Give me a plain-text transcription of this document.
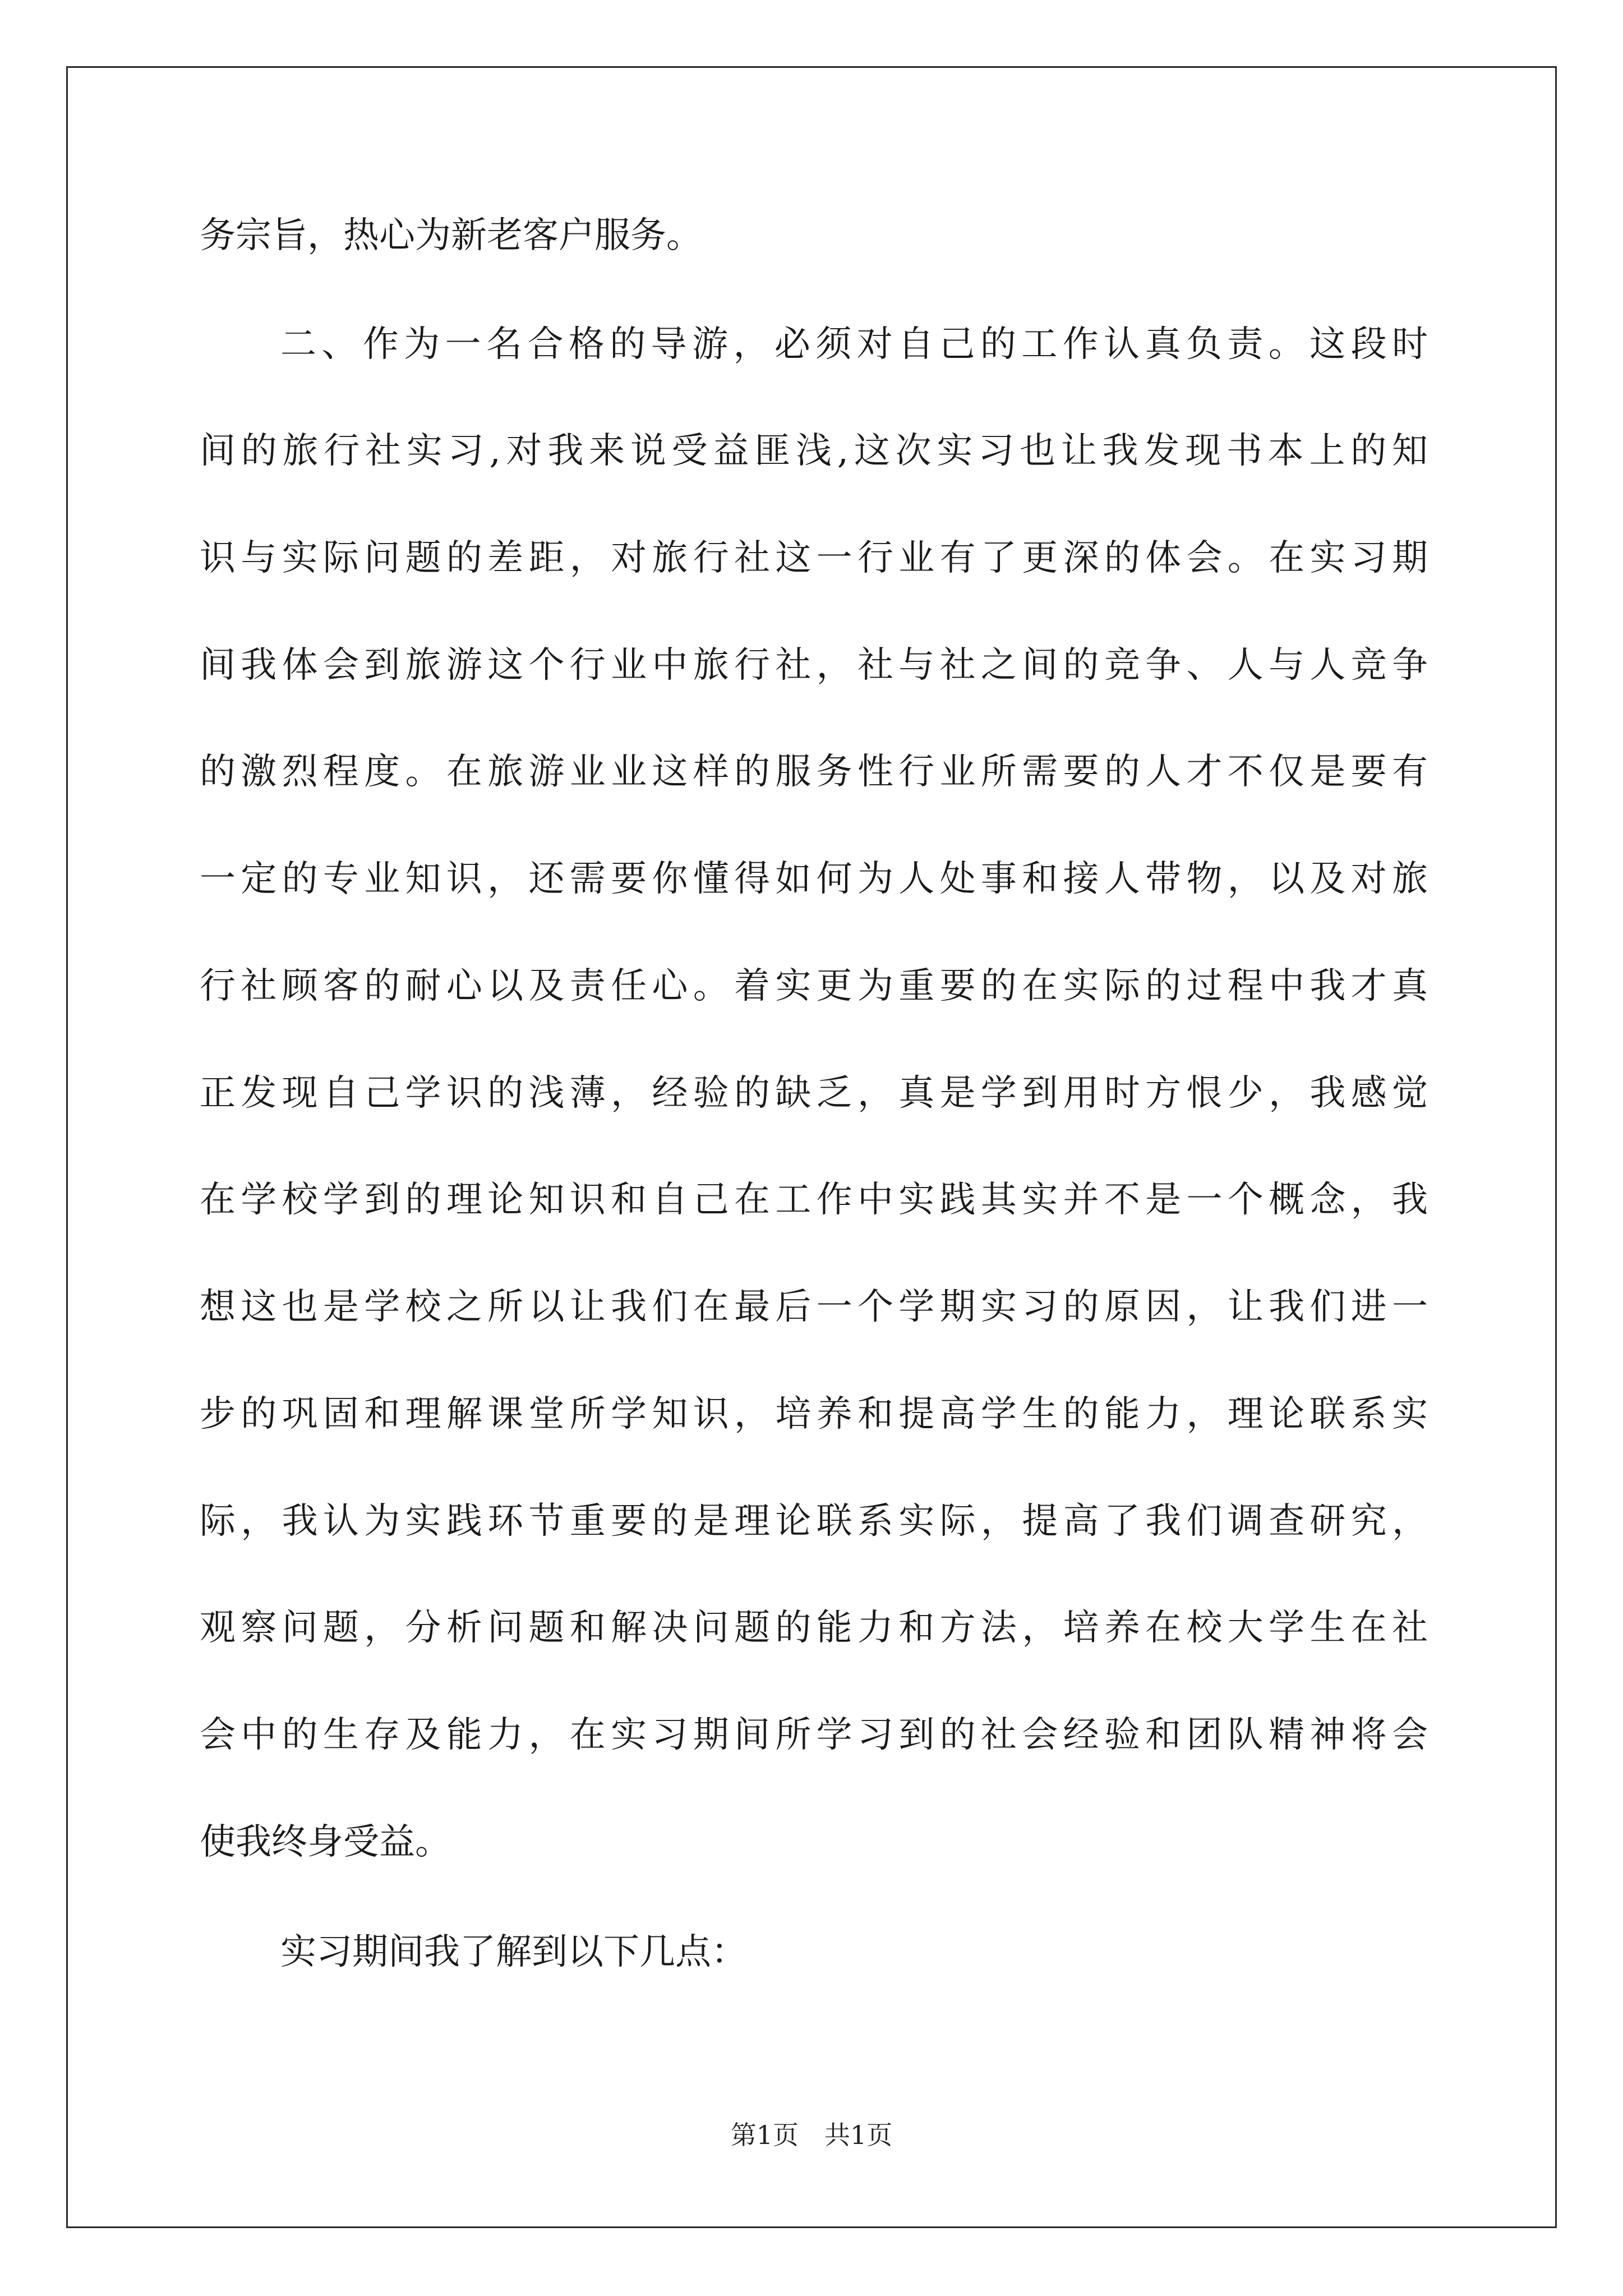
务宗旨，热心为新老客户服务。
二、作为一名合格的导游，必须对自己的工作认真负责。这段时
间的旅行社实习,对我来说受益匪浅,这次实习也让我发现书本上的知
识与实际问题的差距，对旅行社这一行业有了更深的体会。在实习期
间我体会到旅游这个行业中旅行社，社与社之间的竞争、人与人竞争
的激烈程度。在旅游业业这样的服务性行业所需要的人才不仅是要有
一定的专业知识，还需要你懂得如何为人处事和接人带物，以及对旅
行社顾客的耐心以及责任心。着实更为重要的在实际的过程中我才真
正发现自己学识的浅薄，经验的缺乏，真是学到用时方恨少，我感觉
在学校学到的理论知识和自己在工作中实践其实并不是一个概念，我
想这也是学校之所以让我们在最后一个学期实习的原因，让我们进一
步的巩固和理解课堂所学知识，培养和提高学生的能力，理论联系实
际，我认为实践环节重要的是理论联系实际，提高了我们调查研究，
观察问题，分析问题和解决问题的能力和方法，培养在校大学生在社
会中的生存及能力，在实习期间所学习到的社会经验和团队精神将会
使我终身受益。
实习期间我了解到以下几点：
第1页　共1页
